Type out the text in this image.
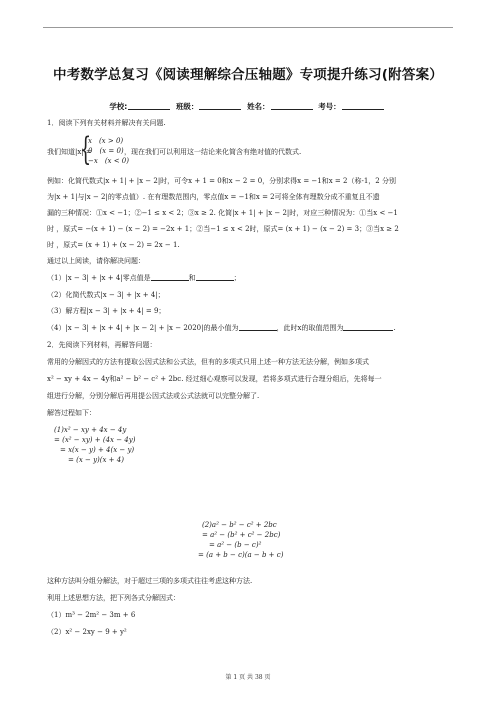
中考数学总复习《阅读理解综合压轴题》专项提升练习(附答案）
学校:	班级：	姓名：	考号：
1．阅读下列有关材料并解决有关问题.
我们知道|x| =
{
x　(x > 0)
0　(x = 0)
−x　(x < 0)
，现在我们可以利用这一结论来化简含有绝对值的代数式.
例如：化简代数式|x + 1| + |x − 2|时，可令x + 1 = 0和x − 2 = 0，分别求得x = −1和x = 2（称-1，2 分别
为|x + 1|与|x − 2|的零点值）. 在有理数范围内，零点值x = −1和x = 2可将全体有理数分成不重复且不遗
漏的三种情况：①x < −1；②−1 ≤ x < 2；③x ≥ 2. 化简|x + 1| + |x − 2|时，对应三种情况为：①当x < −1
时 ，原式= −(x + 1) − (x − 2) = −2x + 1；②当−1 ≤ x < 2时，原式= (x + 1) − (x − 2) = 3；③当x ≥ 2
时 ，原式= (x + 1) + (x − 2) = 2x − 1.
通过以上阅读，请你解决问题：
（1）|x − 3| + |x + 4|零点值是	和	；
（2）化简代数式|x − 3| + |x + 4|；
（3）解方程|x − 3| + |x + 4| = 9；
（4）|x − 3| + |x + 4| + |x − 2| + |x − 2020|的最小值为	，此时x的取值范围为	.
2．先阅读下列材料，再解答问题：
常用的分解因式的方法有提取公因式法和公式法，但有的多项式只用上述一种方法无法分解，例如多项式
x² − xy + 4x − 4y和a² − b² − c² + 2bc. 经过细心观察可以发现，若将多项式进行合理分组后，先将每一
组进行分解，分别分解后再用提公因式法或公式法就可以完整分解了.
解答过程如下：
(1)x² − xy + 4x − 4y
= (x² − xy) + (4x − 4y)
= x(x − y) + 4(x − y)
= (x − y)(x + 4)
(2)a² − b² − c² + 2bc
= a² − (b² + c² − 2bc)
= a² − (b − c)²
= (a + b − c)(a − b + c)
这种方法叫分组分解法，对于超过三项的多项式往往考虑这种方法.
利用上述思想方法，把下列各式分解因式：
（1）m³ − 2m² − 3m + 6
（2）x² − 2xy − 9 + y²
第 1 页 共 38 页
